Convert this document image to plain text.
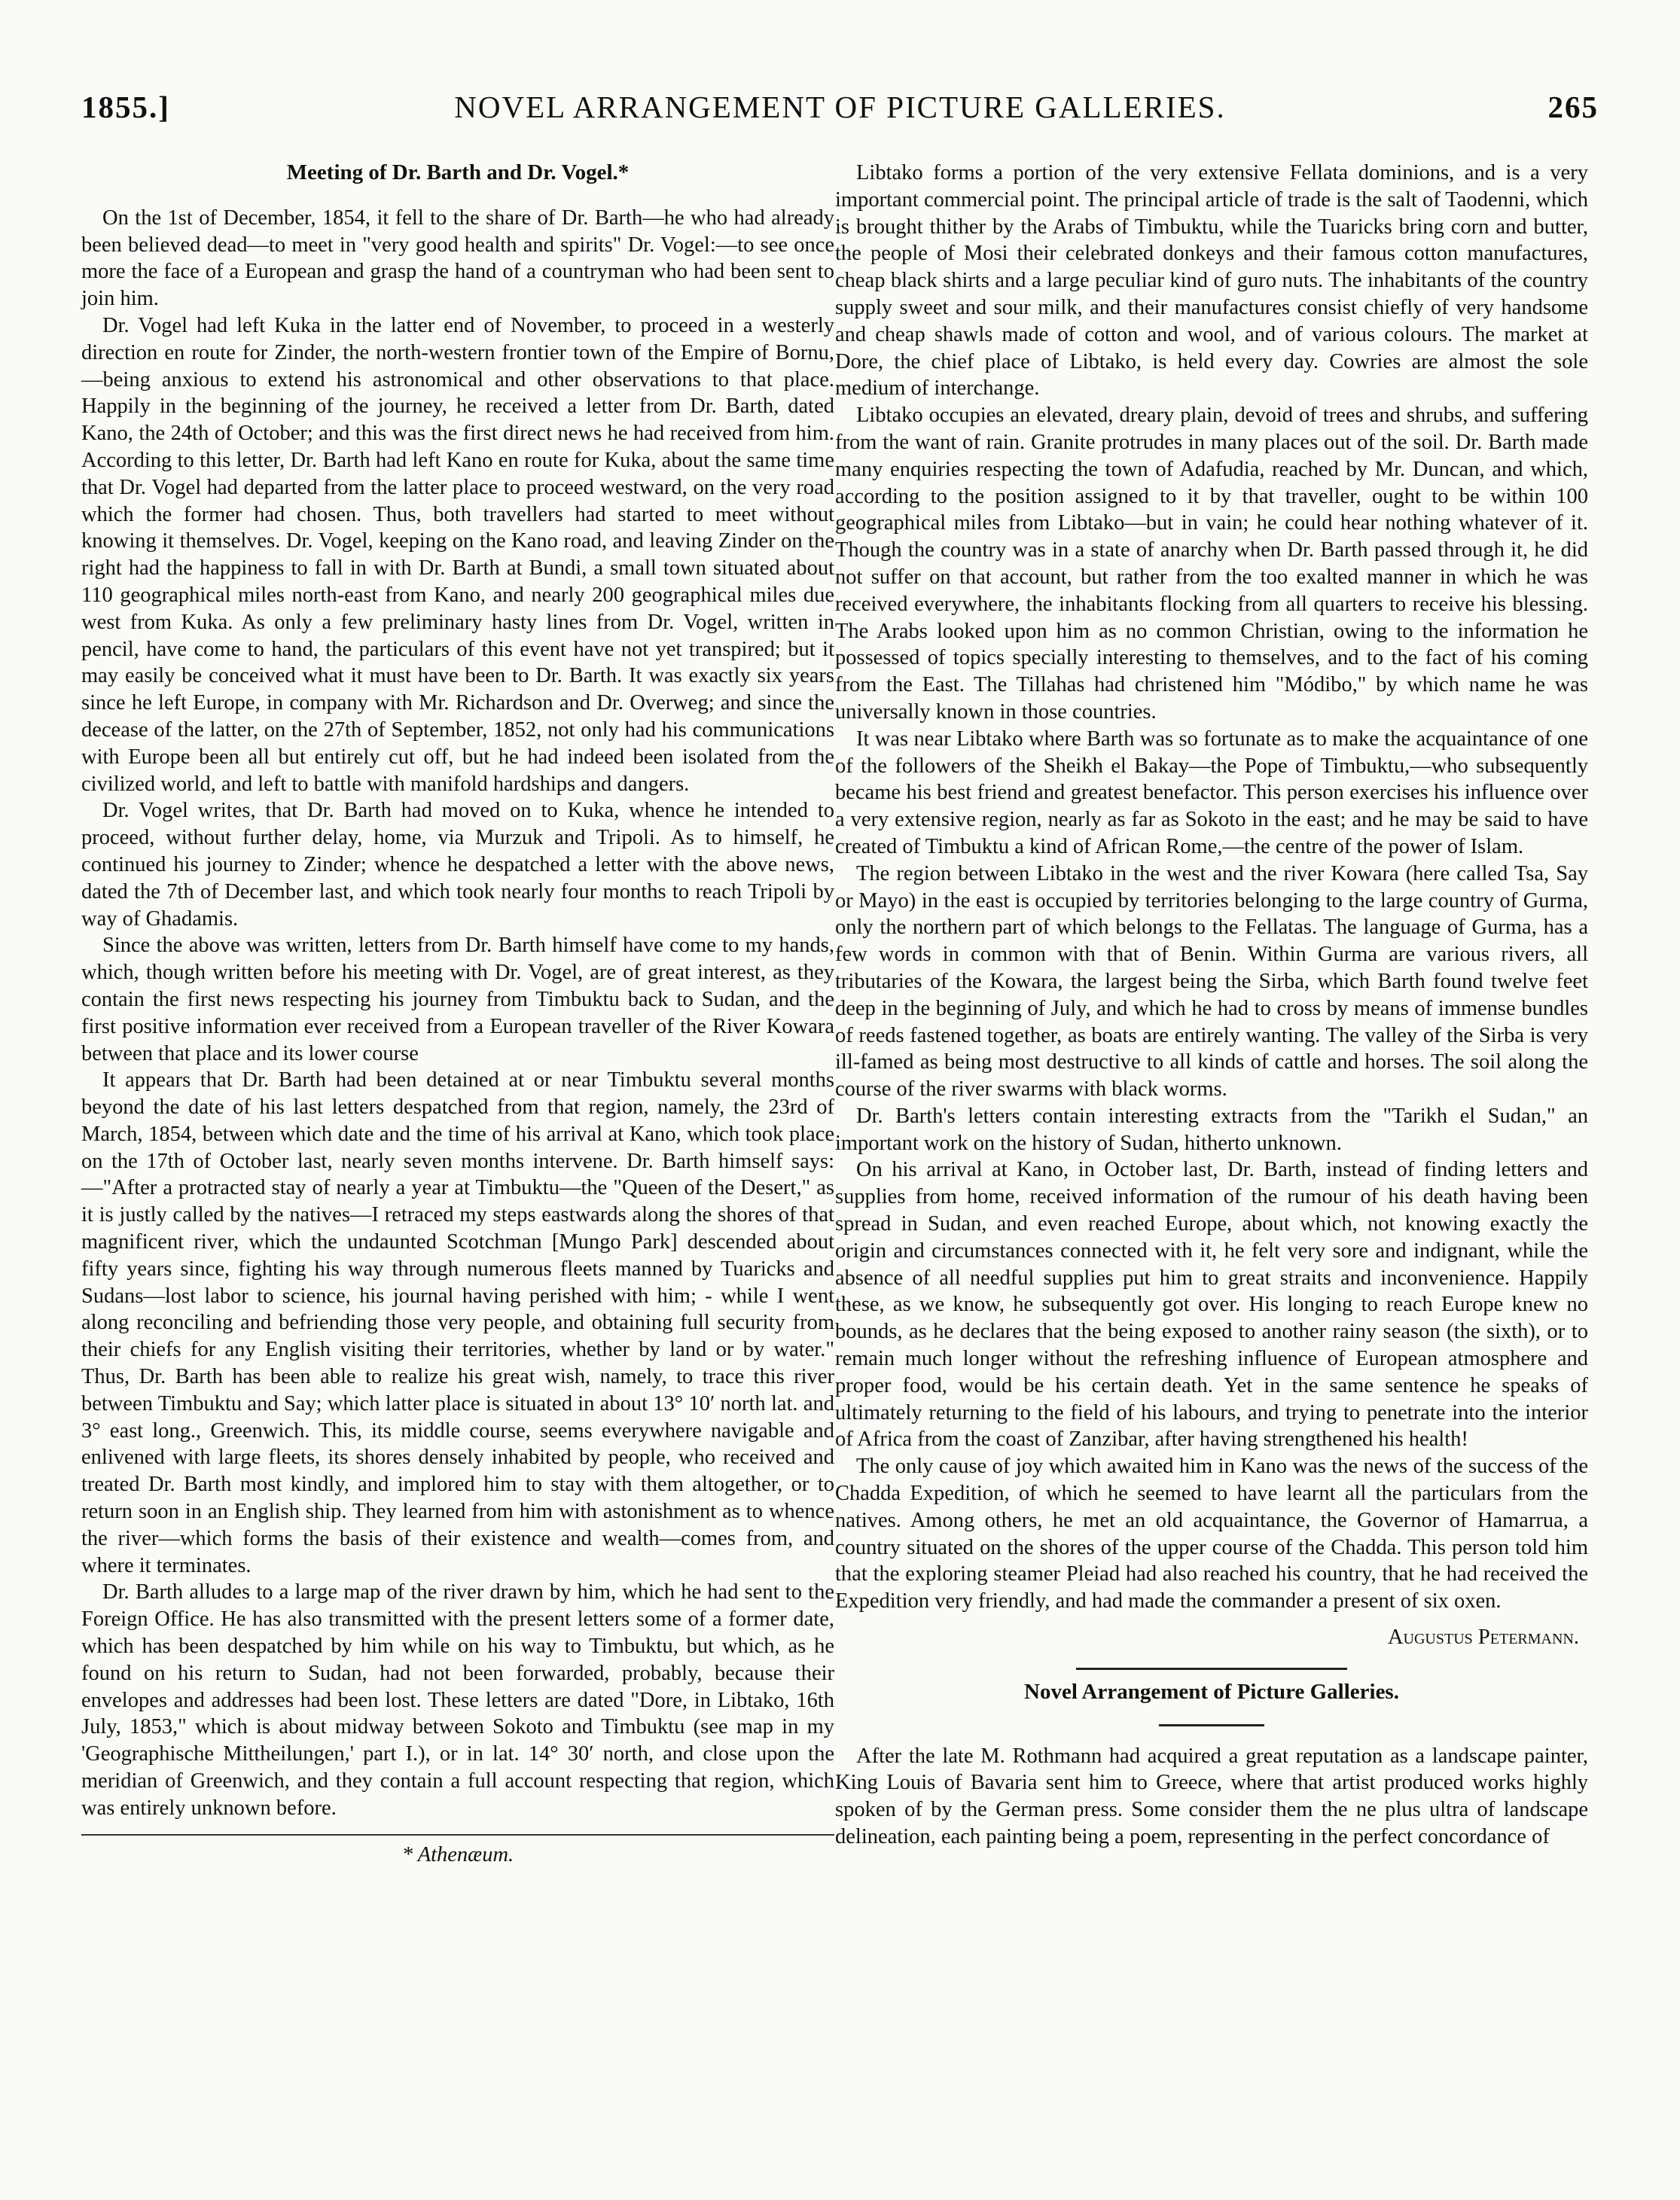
1855.]	NOVEL ARRANGEMENT OF PICTURE GALLERIES.	265
Meeting of Dr. Barth and Dr. Vogel.*

On the 1st of December, 1854, it fell to the share of Dr. Barth—he who had already been believed dead—to meet in "very good health and spirits" Dr. Vogel:—to see once more the face of a European and grasp the hand of a countryman who had been sent to join him.

Dr. Vogel had left Kuka in the latter end of November, to proceed in a westerly direction en route for Zinder, the north-western frontier town of the Empire of Bornu,—being anxious to extend his astronomical and other observations to that place. Happily in the beginning of the journey, he received a letter from Dr. Barth, dated Kano, the 24th of October; and this was the first direct news he had received from him. According to this letter, Dr. Barth had left Kano en route for Kuka, about the same time that Dr. Vogel had departed from the latter place to proceed westward, on the very road which the former had chosen. Thus, both travellers had started to meet without knowing it themselves. Dr. Vogel, keeping on the Kano road, and leaving Zinder on the right had the happiness to fall in with Dr. Barth at Bundi, a small town situated about 110 geographical miles north-east from Kano, and nearly 200 geographical miles due west from Kuka. As only a few preliminary hasty lines from Dr. Vogel, written in pencil, have come to hand, the particulars of this event have not yet transpired; but it may easily be conceived what it must have been to Dr. Barth. It was exactly six years since he left Europe, in company with Mr. Richardson and Dr. Overweg; and since the decease of the latter, on the 27th of September, 1852, not only had his communications with Europe been all but entirely cut off, but he had indeed been isolated from the civilized world, and left to battle with manifold hardships and dangers.

Dr. Vogel writes, that Dr. Barth had moved on to Kuka, whence he intended to proceed, without further delay, home, via Murzuk and Tripoli. As to himself, he continued his journey to Zinder; whence he despatched a letter with the above news, dated the 7th of December last, and which took nearly four months to reach Tripoli by way of Ghadamis.

Since the above was written, letters from Dr. Barth himself have come to my hands, which, though written before his meeting with Dr. Vogel, are of great interest, as they contain the first news respecting his journey from Timbuktu back to Sudan, and the first positive information ever received from a European traveller of the River Kowara between that place and its lower course

It appears that Dr. Barth had been detained at or near Timbuktu several months beyond the date of his last letters despatched from that region, namely, the 23rd of March, 1854, between which date and the time of his arrival at Kano, which took place on the 17th of October last, nearly seven months intervene. Dr. Barth himself says:—"After a protracted stay of nearly a year at Timbuktu—the "Queen of the Desert," as it is justly called by the natives—I retraced my steps eastwards along the shores of that magnificent river, which the undaunted Scotchman [Mungo Park] descended about fifty years since, fighting his way through numerous fleets manned by Tuaricks and Sudans—lost labor to science, his journal having perished with him; - while I went along reconciling and befriending those very people, and obtaining full security from their chiefs for any English visiting their territories, whether by land or by water." Thus, Dr. Barth has been able to realize his great wish, namely, to trace this river between Timbuktu and Say; which latter place is situated in about 13° 10′ north lat. and 3° east long., Greenwich. This, its middle course, seems everywhere navigable and enlivened with large fleets, its shores densely inhabited by people, who received and treated Dr. Barth most kindly, and implored him to stay with them altogether, or to return soon in an English ship. They learned from him with astonishment as to whence the river—which forms the basis of their existence and wealth—comes from, and where it terminates.

Dr. Barth alludes to a large map of the river drawn by him, which he had sent to the Foreign Office. He has also transmitted with the present letters some of a former date, which has been despatched by him while on his way to Timbuktu, but which, as he found on his return to Sudan, had not been forwarded, probably, because their envelopes and addresses had been lost. These letters are dated "Dore, in Libtako, 16th July, 1853," which is about midway between Sokoto and Timbuktu (see map in my 'Geographische Mittheilungen,' part I.), or in lat. 14° 30′ north, and close upon the meridian of Greenwich, and they contain a full account respecting that region, which was entirely unknown before.

* Athenæum.

Libtako forms a portion of the very extensive Fellata dominions, and is a very important commercial point. The principal article of trade is the salt of Taodenni, which is brought thither by the Arabs of Timbuktu, while the Tuaricks bring corn and butter, the people of Mosi their celebrated donkeys and their famous cotton manufactures, cheap black shirts and a large peculiar kind of guro nuts. The inhabitants of the country supply sweet and sour milk, and their manufactures consist chiefly of very handsome and cheap shawls made of cotton and wool, and of various colours. The market at Dore, the chief place of Libtako, is held every day. Cowries are almost the sole medium of interchange.

Libtako occupies an elevated, dreary plain, devoid of trees and shrubs, and suffering from the want of rain. Granite protrudes in many places out of the soil. Dr. Barth made many enquiries respecting the town of Adafudia, reached by Mr. Duncan, and which, according to the position assigned to it by that traveller, ought to be within 100 geographical miles from Libtako—but in vain; he could hear nothing whatever of it. Though the country was in a state of anarchy when Dr. Barth passed through it, he did not suffer on that account, but rather from the too exalted manner in which he was received everywhere, the inhabitants flocking from all quarters to receive his blessing. The Arabs looked upon him as no common Christian, owing to the information he possessed of topics specially interesting to themselves, and to the fact of his coming from the East. The Tillahas had christened him "Módibo," by which name he was universally known in those countries.

It was near Libtako where Barth was so fortunate as to make the acquaintance of one of the followers of the Sheikh el Bakay—the Pope of Timbuktu,—who subsequently became his best friend and greatest benefactor. This person exercises his influence over a very extensive region, nearly as far as Sokoto in the east; and he may be said to have created of Timbuktu a kind of African Rome,—the centre of the power of Islam.

The region between Libtako in the west and the river Kowara (here called Tsa, Say or Mayo) in the east is occupied by territories belonging to the large country of Gurma, only the northern part of which belongs to the Fellatas. The language of Gurma, has a few words in common with that of Benin. Within Gurma are various rivers, all tributaries of the Kowara, the largest being the Sirba, which Barth found twelve feet deep in the beginning of July, and which he had to cross by means of immense bundles of reeds fastened together, as boats are entirely wanting. The valley of the Sirba is very ill-famed as being most destructive to all kinds of cattle and horses. The soil along the course of the river swarms with black worms.

Dr. Barth's letters contain interesting extracts from the "Tarikh el Sudan," an important work on the history of Sudan, hitherto unknown.

On his arrival at Kano, in October last, Dr. Barth, instead of finding letters and supplies from home, received information of the rumour of his death having been spread in Sudan, and even reached Europe, about which, not knowing exactly the origin and circumstances connected with it, he felt very sore and indignant, while the absence of all needful supplies put him to great straits and inconvenience. Happily these, as we know, he subsequently got over. His longing to reach Europe knew no bounds, as he declares that the being exposed to another rainy season (the sixth), or to remain much longer without the refreshing influence of European atmosphere and proper food, would be his certain death. Yet in the same sentence he speaks of ultimately returning to the field of his labours, and trying to penetrate into the interior of Africa from the coast of Zanzibar, after having strengthened his health!

The only cause of joy which awaited him in Kano was the news of the success of the Chadda Expedition, of which he seemed to have learnt all the particulars from the natives. Among others, he met an old acquaintance, the Governor of Hamarrua, a country situated on the shores of the upper course of the Chadda. This person told him that the exploring steamer Pleiad had also reached his country, that he had received the Expedition very friendly, and had made the commander a present of six oxen.

Augustus Petermann.

Novel Arrangement of Picture Galleries.

After the late M. Rothmann had acquired a great reputation as a landscape painter, King Louis of Bavaria sent him to Greece, where that artist produced works highly spoken of by the German press. Some consider them the ne plus ultra of landscape delineation, each painting being a poem, representing in the perfect concordance of
